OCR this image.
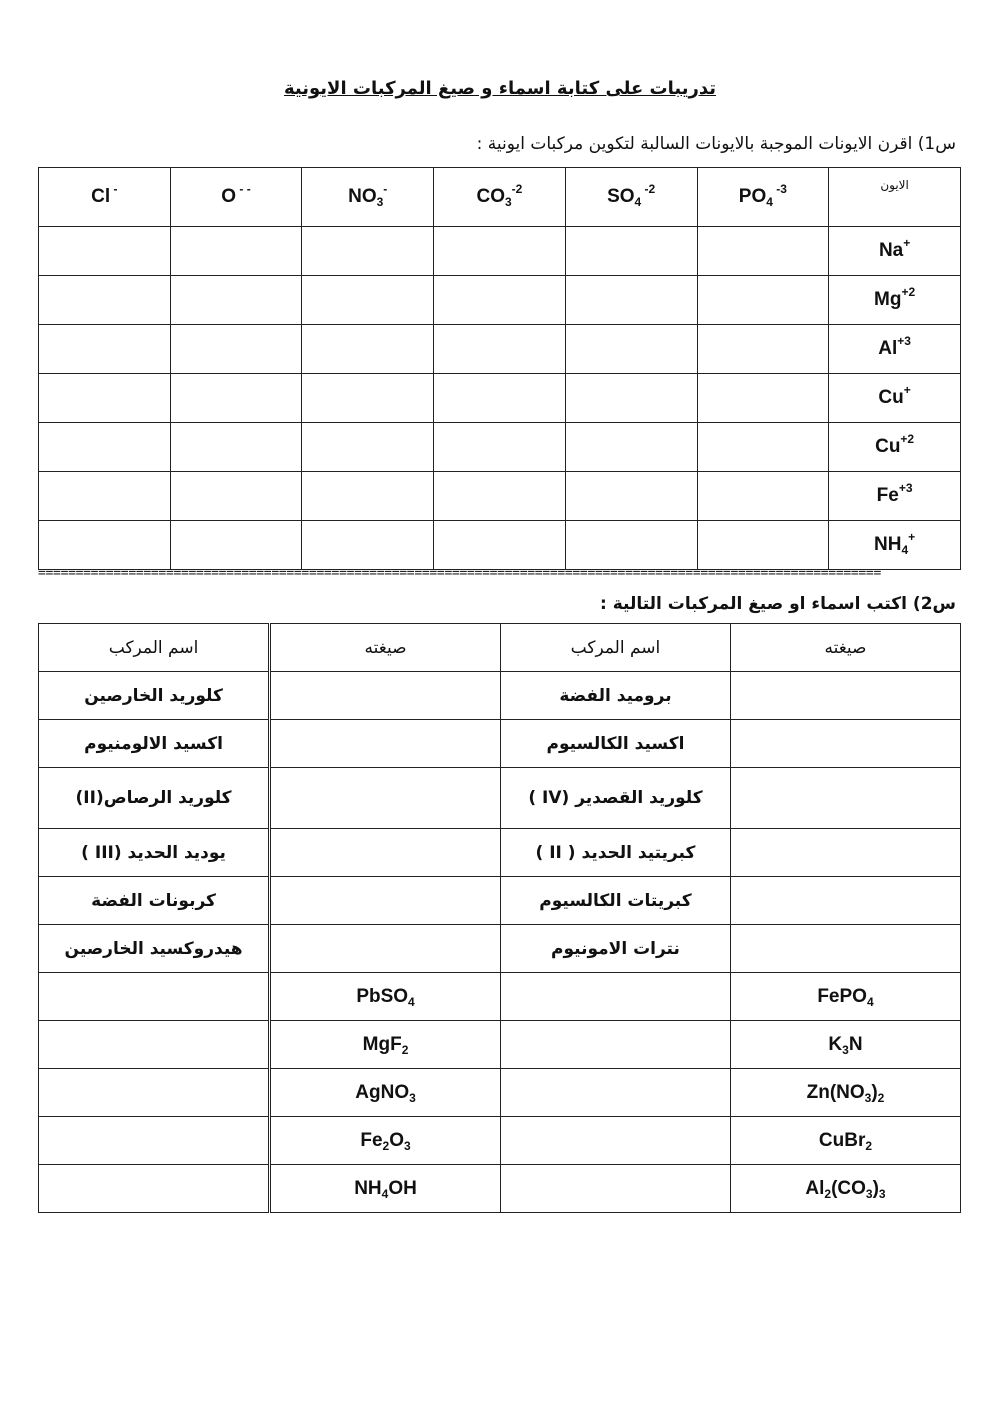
تدريبات على كتابة اسماء و صيغ المركبات الايونية
س1) اقرن الايونات الموجبة بالايونات السالبة لتكوين مركبات ايونية :
Cl -	O - -	$NO_3^-$	$CO_3^{-2}$	$SO_4$ $^{-2}$	$PO_4$ $^{-3}$	الايون
						Na+
						$Mg^{+2}$
						$Al^{+3}$
						Cu+
						$Cu^{+2}$
						$Fe^{+3}$
						$NH_4^+$
================================================================================================================
س2) اكتب اسماء او صيغ المركبات التالية :
اسم المركب	صيغته	اسم المركب	صيغته
كلوريد الخارصين		بروميد الفضة	
اكسيد الالومنيوم		اكسيد الكالسيوم	
كلوريد الرصاص(II)		كلوريد القصدير (IV )	
يوديد الحديد (III )		كبريتيد الحديد ( II )	
كربونات الفضة		كبريتات الكالسيوم	
هيدروكسيد الخارصين		نترات الامونيوم	
	PbSO$_4$		FePO$_4$
	MgF$_2$		$K_3N$
	AgNO$_3$		$Zn(NO_3)_2$
	$Fe_2O_3$		CuBr$_2$
	$NH_4OH$		$Al_2(CO_3)_3$
